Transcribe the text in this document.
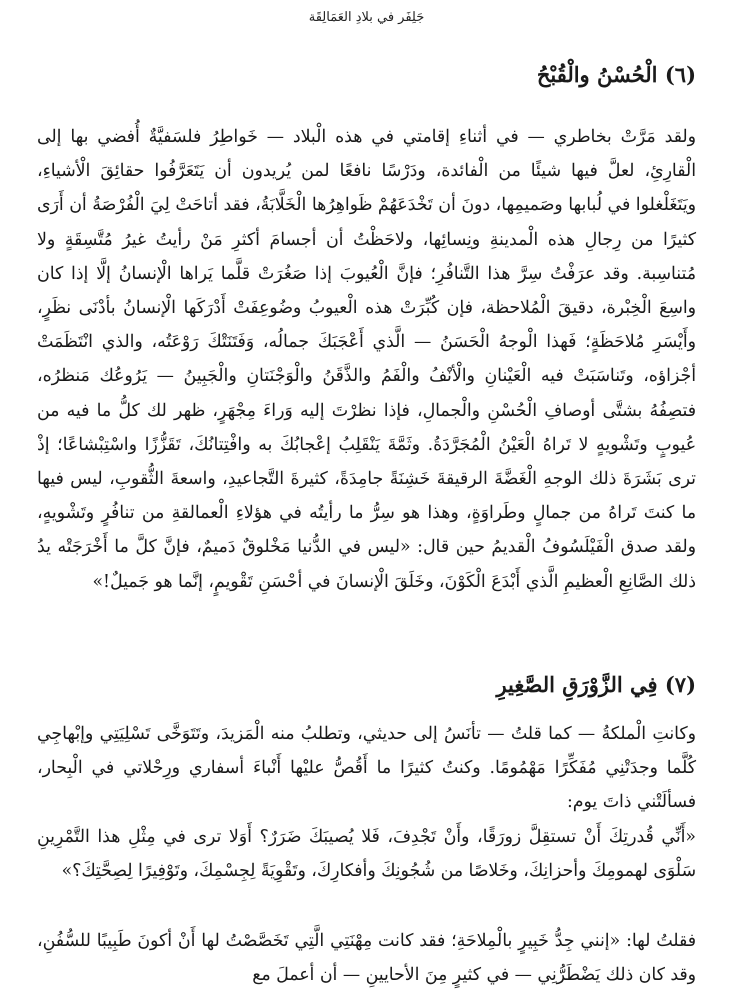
جَلِفَر في بلادِ العَمَالِقَة
(٦) الْحُسْنُ والْقُبْحُ

ولقد مَرَّتْ بخاطري — في أثناءِ إقامتي في هذه الْبلاد — خَواطِرُ فلسَفيَّةٌ أُفضي بها إلى الْقارِئِ، لعلَّ فيها شيئًا من الْفائدة، ودَرْسًا نافعًا لمن يُريدون أن يَتَعَرَّفُوا حقائِقَ الْأشياءِ، ويَتَغَلْغلوا في لُبابها وصَميمِها، دونَ أن تَخْدَعَهُمْ ظَواهِرُها الْخَلَّابَةُ، فقد أتاحَتْ لِيَ الْفُرْصَةُ أن أَرَى كثيرًا من رِجالِ هذه الْمدينةِ ونِسائِها، ولاحَظْتُ أن أجسامَ أكثرِ مَنْ رأيتُ غيرُ مُتَّسِقَةٍ ولا مُتناسِبة. وقد عرَفْتُ سِرَّ هذا التَّنافُرِ؛ فإنَّ الْعُيوبَ إذا صَغُرَتْ قلَّما يَراها الْإنسانُ إلَّا إذا كان واسِعَ الْخِبْرة، دقيقَ الْمُلاحظة، فإن كُبِّرَتْ هذه الْعيوبُ وضُوعِفَتْ أَدْرَكَها الْإنسانُ بأدْنَى نظَرٍ، وأَيْسَرِ مُلاحَظَةٍ؛ فَهذا الْوجهُ الْحَسَنُ — الَّذي أَعْجَبَكَ جمالُه، وَفَتَنَتْكَ رَوْعَتُه، والذي انْتَظَمَتْ أجْزاؤه، وتَناسَبَتْ فيه الْعَيْنانِ والْأنْفُ والْفَمُ والذَّقَنُ والْوَجْنَتانِ والْجَبِينُ — يَرُوعُك مَنظرُه، فتصِفُهُ بشتَّى أوصافِ الْحُسْنِ والْجمالِ، فإذا نظرْتَ إليه وَراءَ مِجْهَرٍ، ظهر لك كلُّ ما فيه من عُيوبٍ وتَشْويهٍ لا تَراهُ الْعَيْنُ الْمُجَرَّدَةُ. وثَمَّةَ يَنْقَلِبُ إعْجابُكَ به وافْتِتانُكَ، تَقَزُّزًا واسْتِبْشاعًا؛ إذْ ترى بَشَرَةَ ذلك الوجهِ الْغَضَّةَ الرقيقةَ خَشِنَةً جامِدَةً، كثيرةَ التَّجاعيدِ، واسعةَ الثُّقوبِ، ليس فيها ما كنتَ تَراهُ من جمالٍ وطَراوَةٍ، وهذا هو سِرُّ ما رأيتُه في هؤلاءِ الْعمالقةِ من تنافُرٍ وتَشْويهٍ، ولقد صدق الْفَيْلَسُوفُ الْقديمُ حين قال: «ليس في الدُّنيا مَخْلوقٌ دَميمٌ، فإنَّ كلَّ ما أَخْرَجَتْه يدُ ذلك الصَّانِعِ الْعظيمِ الَّذي أَبْدَعَ الْكَوْنَ، وخَلَقَ الْإنسانَ في أحْسَنِ تَقْويمٍ، إنَّما هو جَميلٌ!»

(٧) فِي الزَّوْرَقِ الصَّغِيرِ

وكانتِ الْملكةُ — كما قلتُ — تأنَسُ إلى حديثي، وتطلبُ منه الْمَزيدَ، وتَتَوَخَّى تَسْلِيَتِي وإبْهاجِي كُلَّما وجدَتْنِي مُفَكِّرًا مَهْمُومًا. وكنتُ كثيرًا ما أَقُصُّ عليْها أَنْباءَ أسفاري ورِحْلاتي في الْبِحار، فسألَتْني ذاتَ يوم:

«أَنِّي قُدرتِكَ أَنْ تستقِلَّ زورَقًا، وأَنْ تَجْدِفَ، فَلا يُصيبَكَ ضَرَرٌ؟ أَوَلا ترى في مِثْلِ هذا التَّمْرِينِ سَلْوَى لهمومِكَ وأحزانِكَ، وخَلاصًا من شُجُونِكَ وأفكارِكَ، وتَقْوِيَةً لِجِسْمِكَ، وتَوْفِيرًا لِصِحَّتِكَ؟»

فقلتُ لها: «إنني جِدُّ خَبِيرٍ بالْمِلاحَةِ؛ فقد كانت مِهْنَتِي الَّتِي تَخَصَّصْتُ لها أَنْ أكونَ طَبِيبًا للسُّفُنِ، وقد كان ذلك يَضْطَرُّنِي — في كثيرٍ مِنَ الأحايينِ — أن أعملَ مع
